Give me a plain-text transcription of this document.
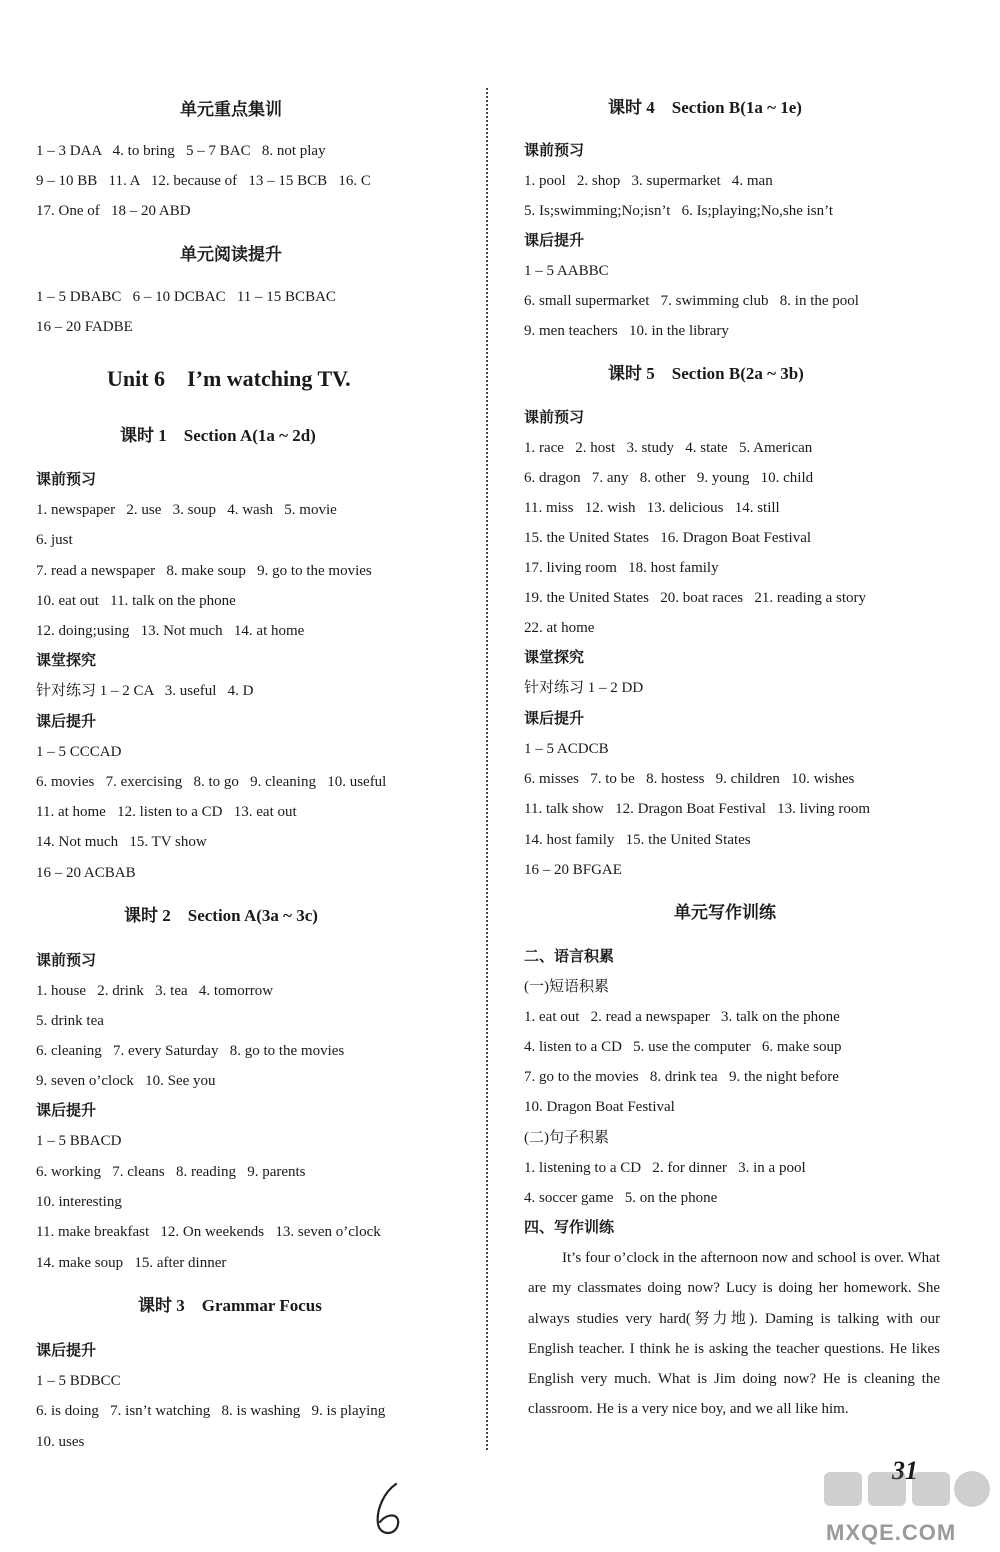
单元重点集训
1 – 3 DAA   4. to bring   5 – 7 BAC   8. not play
9 – 10 BB   11. A   12. because of   13 – 15 BCB   16. C
17. One of   18 – 20 ABD
单元阅读提升
1 – 5 DBABC   6 – 10 DCBAC   11 – 15 BCBAC
16 – 20 FADBE
Unit 6    I’m watching TV.
课时 1    Section A(1a ~ 2d)
课前预习
1. newspaper   2. use   3. soup   4. wash   5. movie
6. just
7. read a newspaper   8. make soup   9. go to the movies
10. eat out   11. talk on the phone
12. doing;using   13. Not much   14. at home
课堂探究
针对练习 1 – 2 CA   3. useful   4. D
课后提升
1 – 5 CCCAD
6. movies   7. exercising   8. to go   9. cleaning   10. useful
11. at home   12. listen to a CD   13. eat out
14. Not much   15. TV show
16 – 20 ACBAB
课时 2    Section A(3a ~ 3c)
课前预习
1. house   2. drink   3. tea   4. tomorrow
5. drink tea
6. cleaning   7. every Saturday   8. go to the movies
9. seven o’clock   10. See you
课后提升
1 – 5 BBACD
6. working   7. cleans   8. reading   9. parents
10. interesting
11. make breakfast   12. On weekends   13. seven o’clock
14. make soup   15. after dinner
课时 3    Grammar Focus
课后提升
1 – 5 BDBCC
6. is doing   7. isn’t watching   8. is washing   9. is playing
10. uses
课时 4    Section B(1a ~ 1e)
课前预习
1. pool   2. shop   3. supermarket   4. man
5. Is;swimming;No;isn’t   6. Is;playing;No,she isn’t
课后提升
1 – 5 AABBC
6. small supermarket   7. swimming club   8. in the pool
9. men teachers   10. in the library
课时 5    Section B(2a ~ 3b)
课前预习
1. race   2. host   3. study   4. state   5. American
6. dragon   7. any   8. other   9. young   10. child
11. miss   12. wish   13. delicious   14. still
15. the United States   16. Dragon Boat Festival
17. living room   18. host family
19. the United States   20. boat races   21. reading a story
22. at home
课堂探究
针对练习 1 – 2 DD
课后提升
1 – 5 ACDCB
6. misses   7. to be   8. hostess   9. children   10. wishes
11. talk show   12. Dragon Boat Festival   13. living room
14. host family   15. the United States
16 – 20 BFGAE
单元写作训练
二、语言积累
(一)短语积累
1. eat out   2. read a newspaper   3. talk on the phone
4. listen to a CD   5. use the computer   6. make soup
7. go to the movies   8. drink tea   9. the night before
10. Dragon Boat Festival
(二)句子积累
1. listening to a CD   2. for dinner   3. in a pool
4. soccer game   5. on the phone
四、写作训练
It’s four o’clock in the afternoon now and school is over. What are my classmates doing now? Lucy is doing her homework. She always studies very hard(努力地). Daming is talking with our English teacher. I think he is asking the teacher questions. He likes English very much. What is Jim doing now? He is cleaning the classroom. He is a very nice boy, and we all like him.
31
MXQE.COM
